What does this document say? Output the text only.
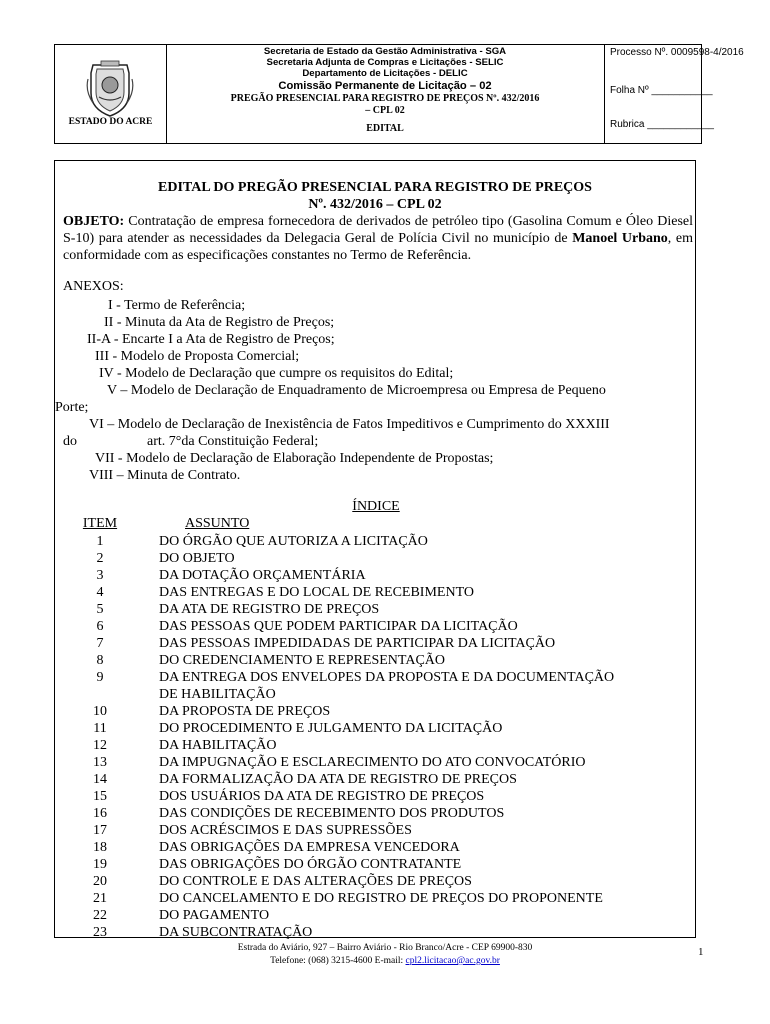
ESTADO DO ACRE
Secretaria de Estado da Gestão Administrativa - SGA
Secretaria Adjunta de Compras e Licitações - SELIC
Departamento de Licitações - DELIC
Comissão Permanente de Licitação – 02
PREGÃO PRESENCIAL PARA REGISTRO DE PREÇOS Nº. 432/2016
– CPL 02
EDITAL
Processo Nº. 0009598-4/2016
Folha Nº ___________
Rubrica ____________
EDITAL DO PREGÃO PRESENCIAL PARA REGISTRO DE PREÇOS
Nº. 432/2016 – CPL 02
OBJETO: Contratação de empresa fornecedora de derivados de petróleo tipo (Gasolina Comum e Óleo Diesel S-10) para atender as necessidades da Delegacia Geral de Polícia Civil no município de Manoel Urbano, em conformidade com as especificações constantes no Termo de Referência.
ANEXOS:
I - Termo de Referência;
II - Minuta da Ata de Registro de Preços;
II-A - Encarte I a Ata de Registro de Preços;
III - Modelo de Proposta Comercial;
IV - Modelo de Declaração que cumpre os requisitos do Edital;
V – Modelo de Declaração de Enquadramento de Microempresa ou Empresa de Pequeno
Porte;
VI – Modelo de Declaração de Inexistência de Fatos Impeditivos e Cumprimento do XXXIII
do	art. 7°da Constituição Federal;
VII - Modelo de Declaração de Elaboração Independente de Propostas;
VIII – Minuta de Contrato.
ÍNDICE
ITEM	ASSUNTO
1	DO ÓRGÃO QUE AUTORIZA A LICITAÇÃO
2	DO OBJETO
3	DA DOTAÇÃO ORÇAMENTÁRIA
4	DAS ENTREGAS E DO LOCAL DE RECEBIMENTO
5	DA ATA DE REGISTRO DE PREÇOS
6	DAS PESSOAS QUE PODEM PARTICIPAR DA LICITAÇÃO
7	DAS PESSOAS IMPEDIDADAS DE PARTICIPAR DA LICITAÇÃO
8	DO CREDENCIAMENTO E REPRESENTAÇÃO
9	DA ENTREGA DOS ENVELOPES DA PROPOSTA E DA DOCUMENTAÇÃO
DE HABILITAÇÃO
10	DA PROPOSTA DE PREÇOS
11	DO PROCEDIMENTO E JULGAMENTO DA LICITAÇÃO
12	DA HABILITAÇÃO
13	DA IMPUGNAÇÃO E ESCLARECIMENTO DO ATO CONVOCATÓRIO
14	DA FORMALIZAÇÃO DA ATA DE REGISTRO DE PREÇOS
15	DOS USUÁRIOS DA ATA DE REGISTRO DE PREÇOS
16	DAS CONDIÇÕES DE RECEBIMENTO DOS PRODUTOS
17	DOS ACRÉSCIMOS E DAS SUPRESSÕES
18	DAS OBRIGAÇÕES DA EMPRESA VENCEDORA
19	DAS OBRIGAÇÕES DO ÓRGÃO CONTRATANTE
20	DO CONTROLE E DAS ALTERAÇÕES DE PREÇOS
21	DO CANCELAMENTO E DO REGISTRO DE PREÇOS DO PROPONENTE
22	DO PAGAMENTO
23	DA SUBCONTRATAÇÃO
Estrada do Aviário, 927 – Bairro Aviário - Rio Branco/Acre - CEP 69900-830
Telefone: (068) 3215-4600 E-mail: cpl2.licitacao@ac.gov.br
1
